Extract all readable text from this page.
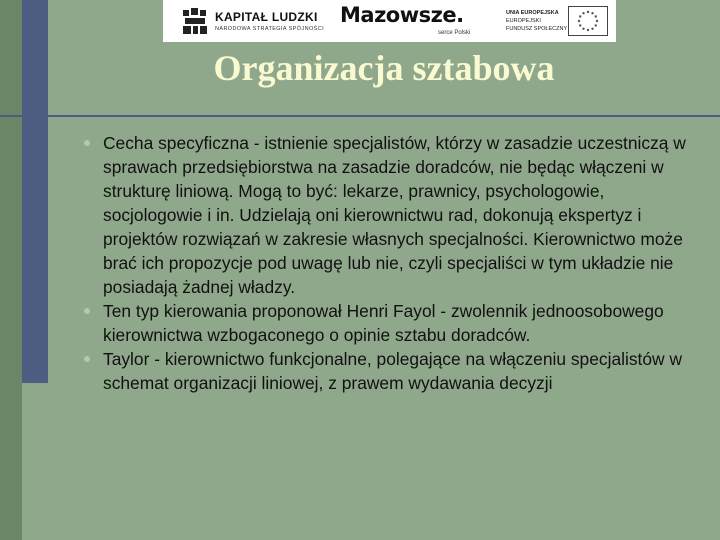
KAPITAŁ LUDZKI
NARODOWA STRATEGIA SPÓJNOŚCI
Mazowsze.
serce Polski
UNIA EUROPEJSKA
EUROPEJSKI
FUNDUSZ SPOŁECZNY
Organizacja sztabowa
Cecha specyficzna - istnienie specjalistów, którzy w zasadzie uczestniczą w sprawach przedsiębiorstwa na zasadzie doradców, nie będąc włączeni w strukturę liniową. Mogą to być: lekarze, prawnicy, psychologowie, socjologowie i in. Udzielają oni kierownictwu rad, dokonują ekspertyz i projektów rozwiązań w zakresie własnych specjalności. Kierownictwo może brać ich propozycje pod uwagę lub nie, czyli specjaliści w tym układzie nie posiadają żadnej władzy.
Ten typ kierowania proponował Henri Fayol - zwolennik jednoosobowego kierownictwa wzbogaconego o opinie sztabu doradców.
Taylor - kierownictwo funkcjonalne, polegające na włączeniu specjalistów w schemat organizacji liniowej, z prawem wydawania decyzji
